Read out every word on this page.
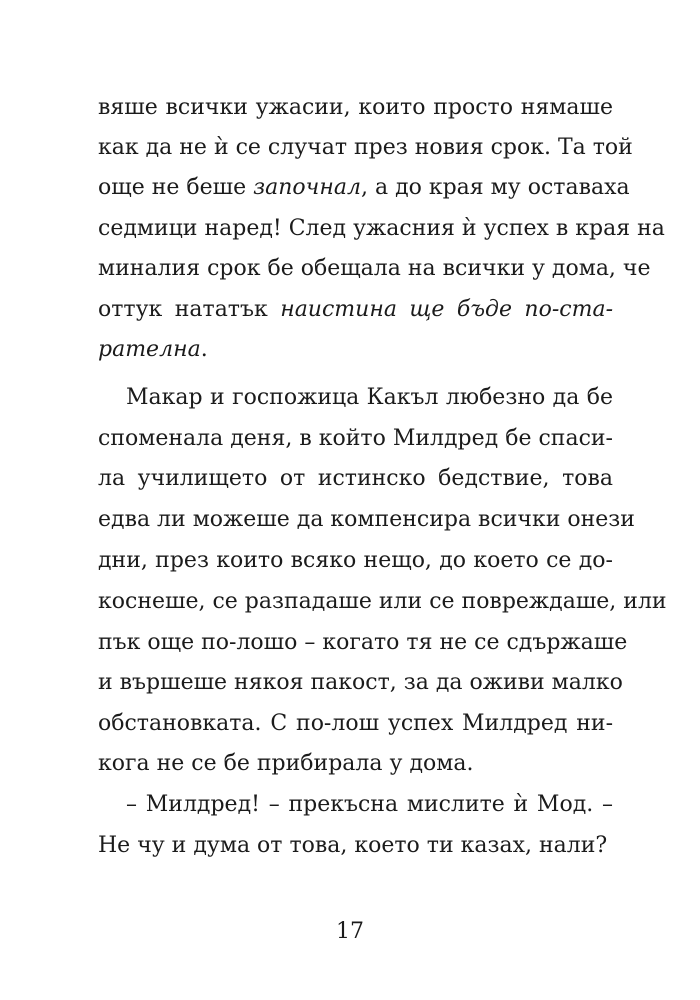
вяше всички ужасии, които просто нямаше
как да не ѝ се случат през новия срок. Та той
още не беше започнал, а до края му оставаха
седмици наред! След ужасния ѝ успех в края на
миналия срок бе обещала на всички у дома, че
оттук нататък наистина ще бъде по-ста-
рателна.
Макар и госпожица Какъл любезно да бе
споменала деня, в който Милдред бе спаси-
ла училището от истинско бедствие, това
едва ли можеше да компенсира всички онези
дни, през които всяко нещо, до което се до-
коснеше, се разпадаше или се повреждаше, или
пък още по-лошо – когато тя не се сдържаше
и вършеше някоя пакост, за да оживи малко
обстановката. С по-лош успех Милдред ни-
кога не се бе прибирала у дома.
– Милдред! – прекъсна мислите ѝ Мод. –
Не чу и дума от това, което ти казах, нали?
17
